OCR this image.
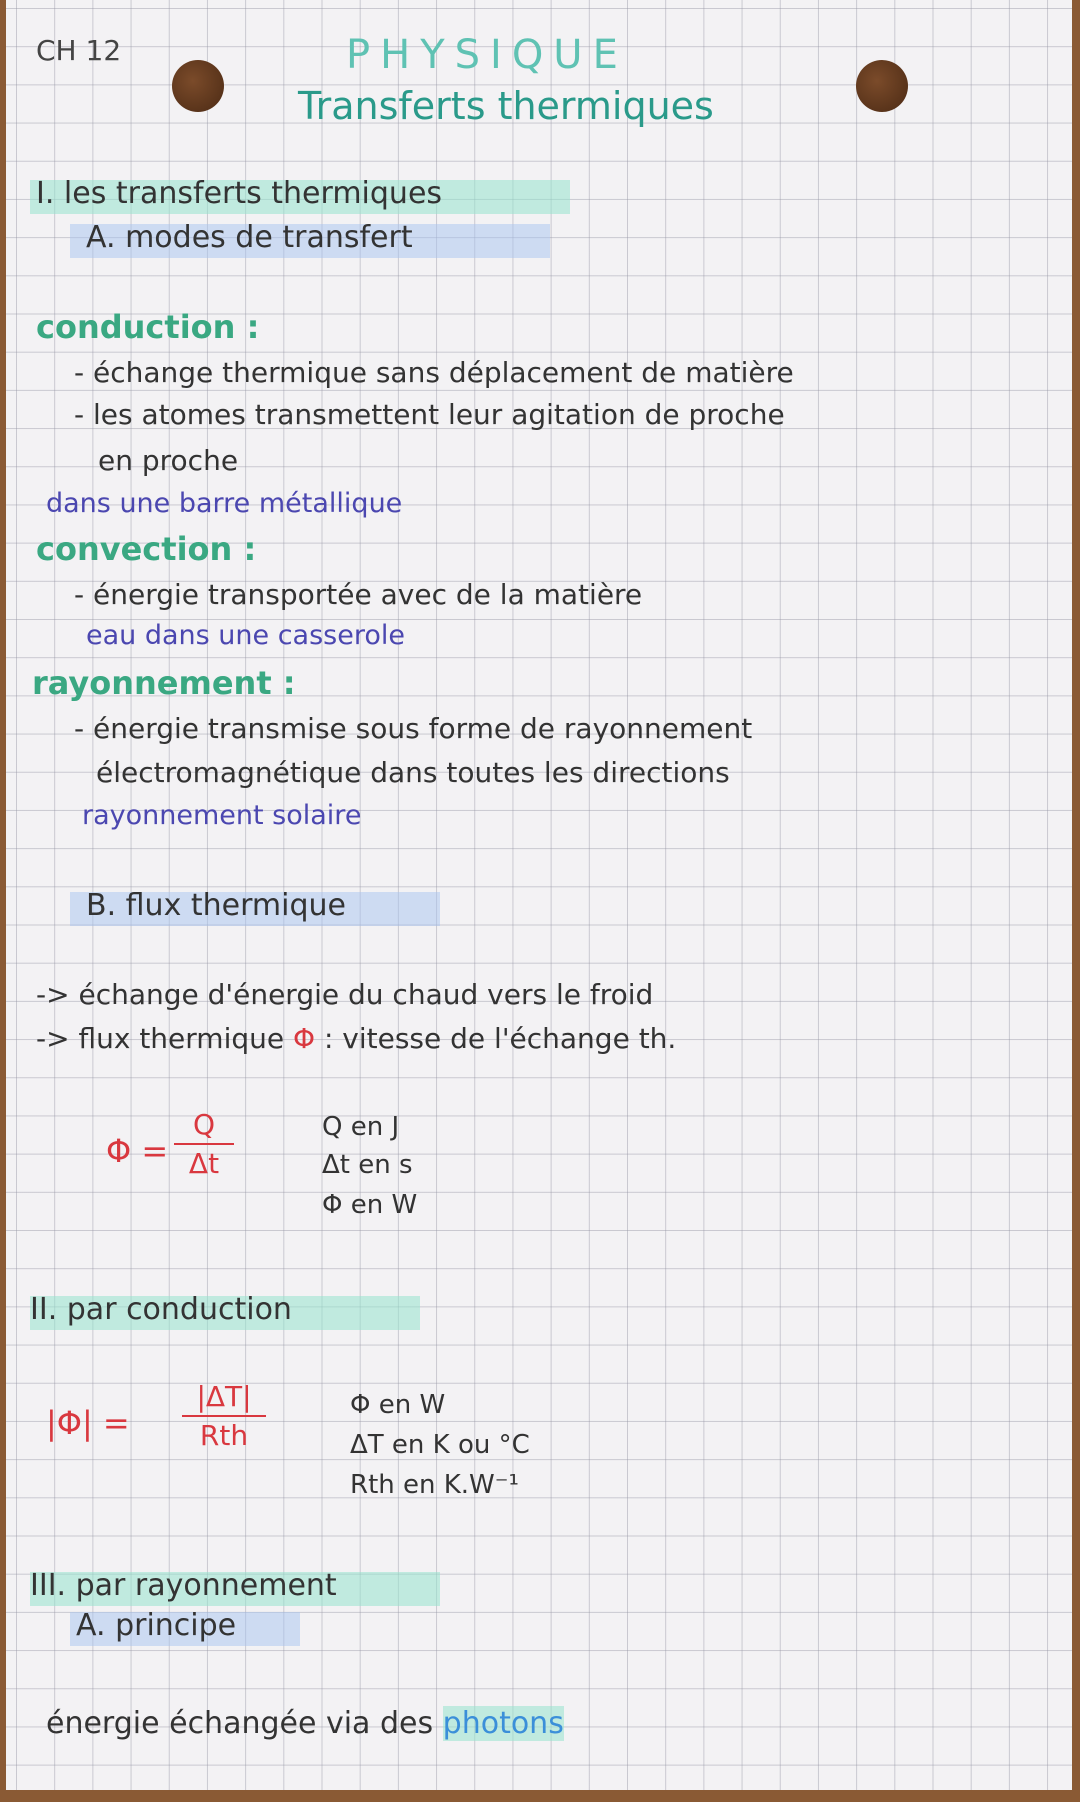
CH 12	PHYSIQUE
Transferts thermiques
I. les transferts thermiques
A. modes de transfert
conduction :
- échange thermique sans déplacement de matière
- les atomes transmettent leur agitation de proche
en proche
dans une barre métallique
convection :
- énergie transportée avec de la matière
eau dans une casserole
rayonnement :
- énergie transmise sous forme de rayonnement
électromagnétique dans toutes les directions
rayonnement solaire
B. flux thermique
-> échange d'énergie du chaud vers le froid
-> flux thermique Φ : vitesse de l'échange th.
Φ =
Q
Δt
Q en J
Δt en s
Φ en W
II. par conduction
|Φ| =
|ΔT|
Rth
Φ en W
ΔT en K ou °C
Rth en K.W⁻¹
III. par rayonnement
A. principe
énergie échangée via des photons
